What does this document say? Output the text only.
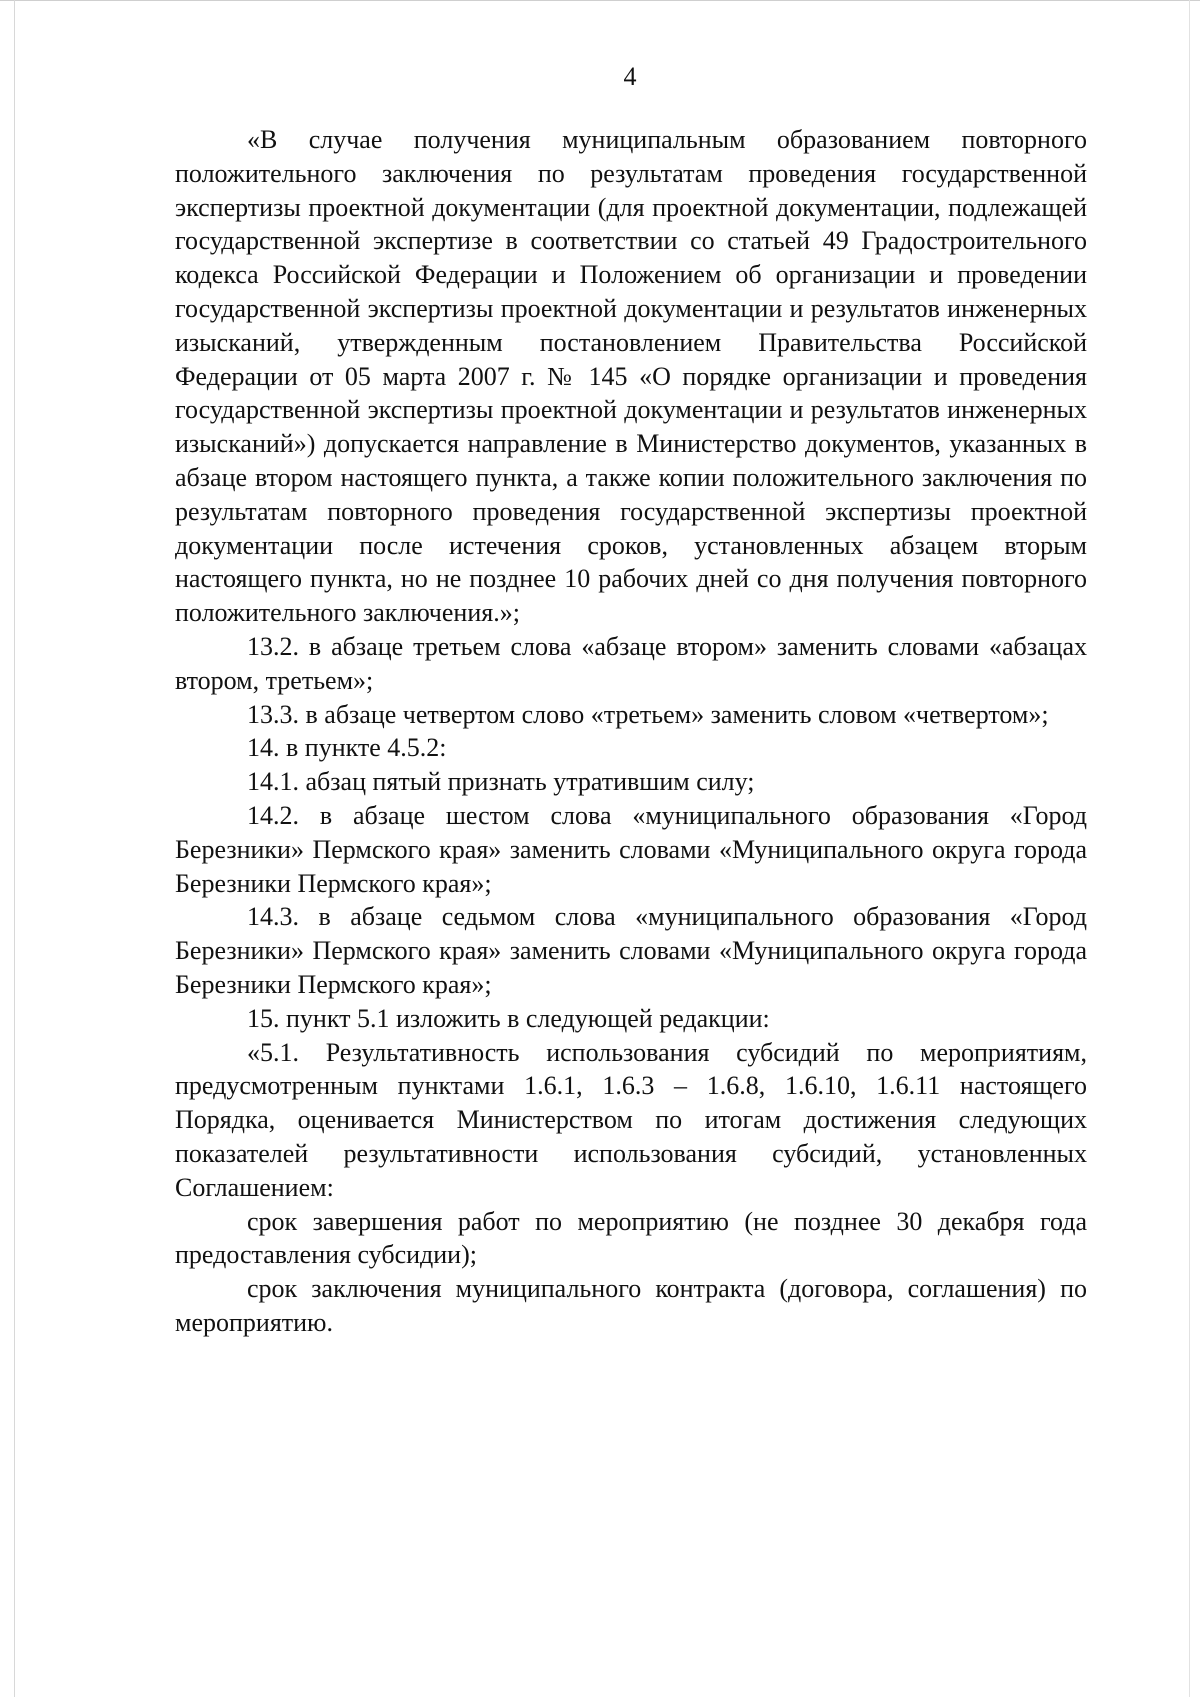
4

«В случае получения муниципальным образованием повторного положительного заключения по результатам проведения государственной экспертизы проектной документации (для проектной документации, подлежащей государственной экспертизе в соответствии со статьей 49 Градостроительного кодекса Российской Федерации и Положением об организации и проведении государственной экспертизы проектной документации и результатов инженерных изысканий, утвержденным постановлением Правительства Российской Федерации от 05 марта 2007 г. № 145 «О порядке организации и проведения государственной экспертизы проектной документации и результатов инженерных изысканий») допускается направление в Министерство документов, указанных в абзаце втором настоящего пункта, а также копии положительного заключения по результатам повторного проведения государственной экспертизы проектной документации после истечения сроков, установленных абзацем вторым настоящего пункта, но не позднее 10 рабочих дней со дня получения повторного положительного заключения.»;

13.2. в абзаце третьем слова «абзаце втором» заменить словами «абзацах втором, третьем»;

13.3. в абзаце четвертом слово «третьем» заменить словом «четвертом»;

14. в пункте 4.5.2:

14.1. абзац пятый признать утратившим силу;

14.2. в абзаце шестом слова «муниципального образования «Город Березники» Пермского края» заменить словами «Муниципального округа города Березники Пермского края»;

14.3. в абзаце седьмом слова «муниципального образования «Город Березники» Пермского края» заменить словами «Муниципального округа города Березники Пермского края»;

15. пункт 5.1 изложить в следующей редакции:

«5.1. Результативность использования субсидий по мероприятиям, предусмотренным пунктами 1.6.1, 1.6.3 – 1.6.8, 1.6.10, 1.6.11 настоящего Порядка, оценивается Министерством по итогам достижения следующих показателей результативности использования субсидий, установленных Соглашением:

срок завершения работ по мероприятию (не позднее 30 декабря года предоставления субсидии);

срок заключения муниципального контракта (договора, соглашения) по мероприятию.
